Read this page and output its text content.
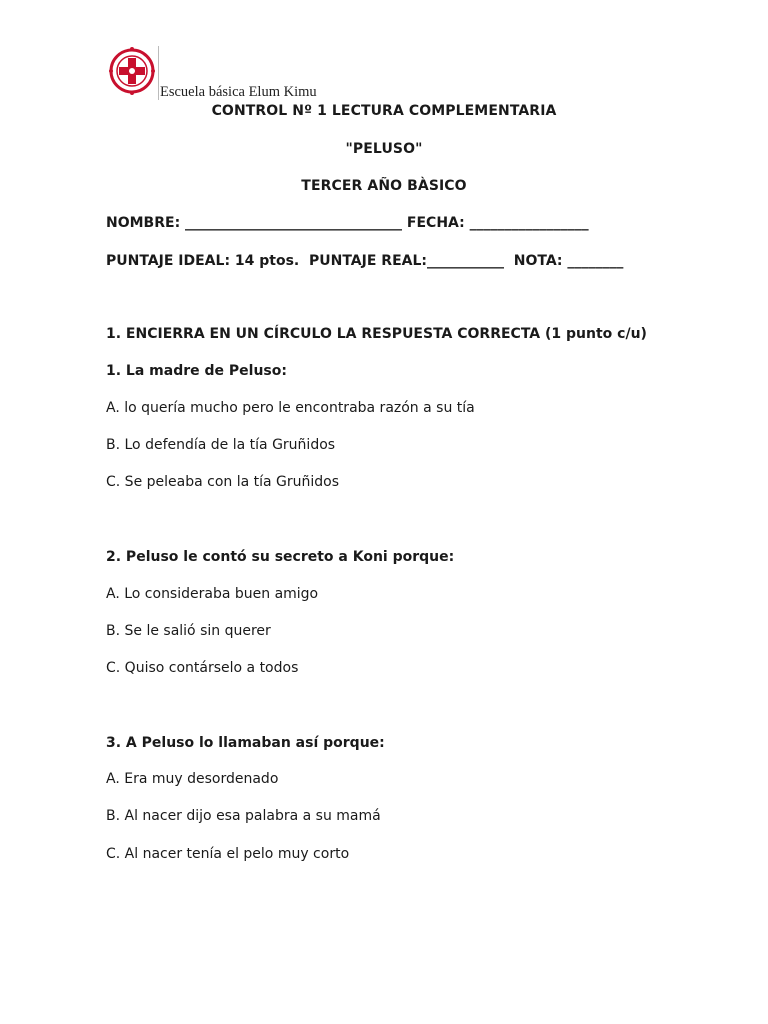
Escuela básica Elum Kimu
CONTROL Nº 1 LECTURA COMPLEMENTARIA
"PELUSO"
TERCER AÑO BÀSICO
NOMBRE: _______________________________ FECHA: _________________
PUNTAJE IDEAL: 14 ptos.  PUNTAJE REAL:___________  NOTA: ________
1. ENCIERRA EN UN CÍRCULO LA RESPUESTA CORRECTA (1 punto c/u)
1. La madre de Peluso:
A. lo quería mucho pero le encontraba razón a su tía
B. Lo defendía de la tía Gruñidos
C. Se peleaba con la tía Gruñidos
2. Peluso le contó su secreto a Koni porque:
A. Lo consideraba buen amigo
B. Se le salió sin querer
C. Quiso contárselo a todos
3. A Peluso lo llamaban así porque:
A. Era muy desordenado
B. Al nacer dijo esa palabra a su mamá
C. Al nacer tenía el pelo muy corto
